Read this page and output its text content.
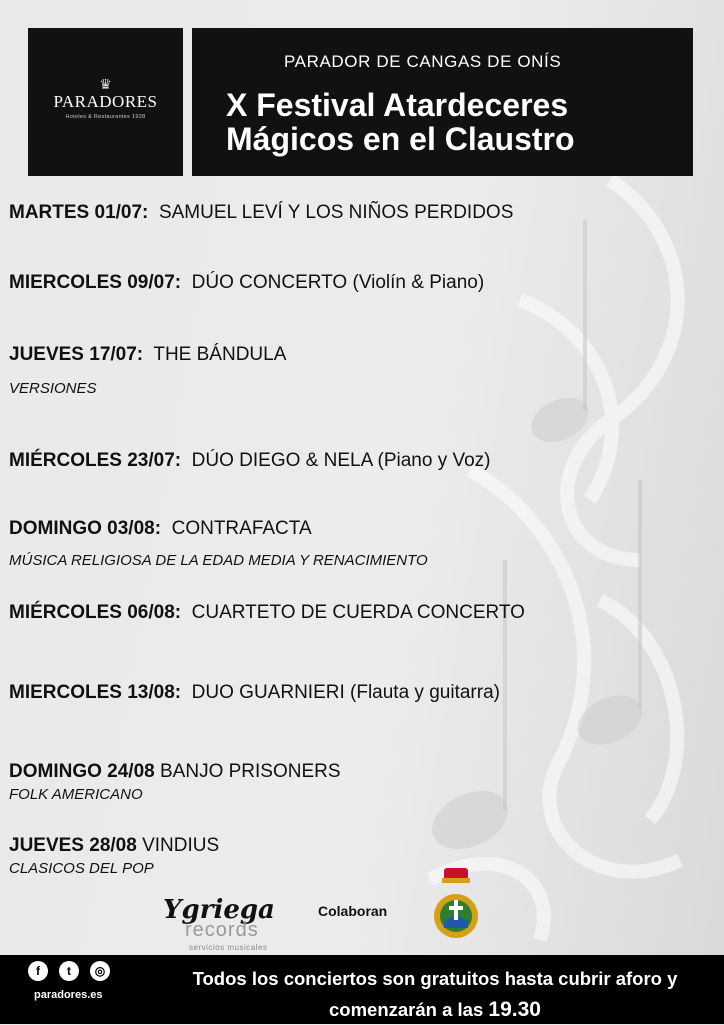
♛
PARADORES
Hoteles & Restaurantes 1928
PARADOR DE CANGAS DE ONÍS
X Festival Atardeceres
Mágicos en el Claustro
MARTES 01/07: SAMUEL LEVÍ Y LOS NIÑOS PERDIDOS
MIERCOLES 09/07: DÚO CONCERTO (Violín & Piano)
JUEVES 17/07: THE BÁNDULA
VERSIONES
MIÉRCOLES 23/07: DÚO DIEGO & NELA (Piano y Voz)
DOMINGO 03/08: CONTRAFACTA
MÚSICA RELIGIOSA DE LA EDAD MEDIA Y RENACIMIENTO
MIÉRCOLES 06/08: CUARTETO DE CUERDA CONCERTO
MIERCOLES 13/08: DUO GUARNIERI (Flauta y guitarra)
DOMINGO 24/08 BANJO PRISONERS
FOLK AMERICANO
JUEVES 28/08 VINDIUS
CLASICOS DEL POP
Ygriega
records
servicios musicales
Colaboran
f	t	◎
paradores.es
Todos los conciertos son gratuitos hasta cubrir aforo y
comenzarán a las 19.30
